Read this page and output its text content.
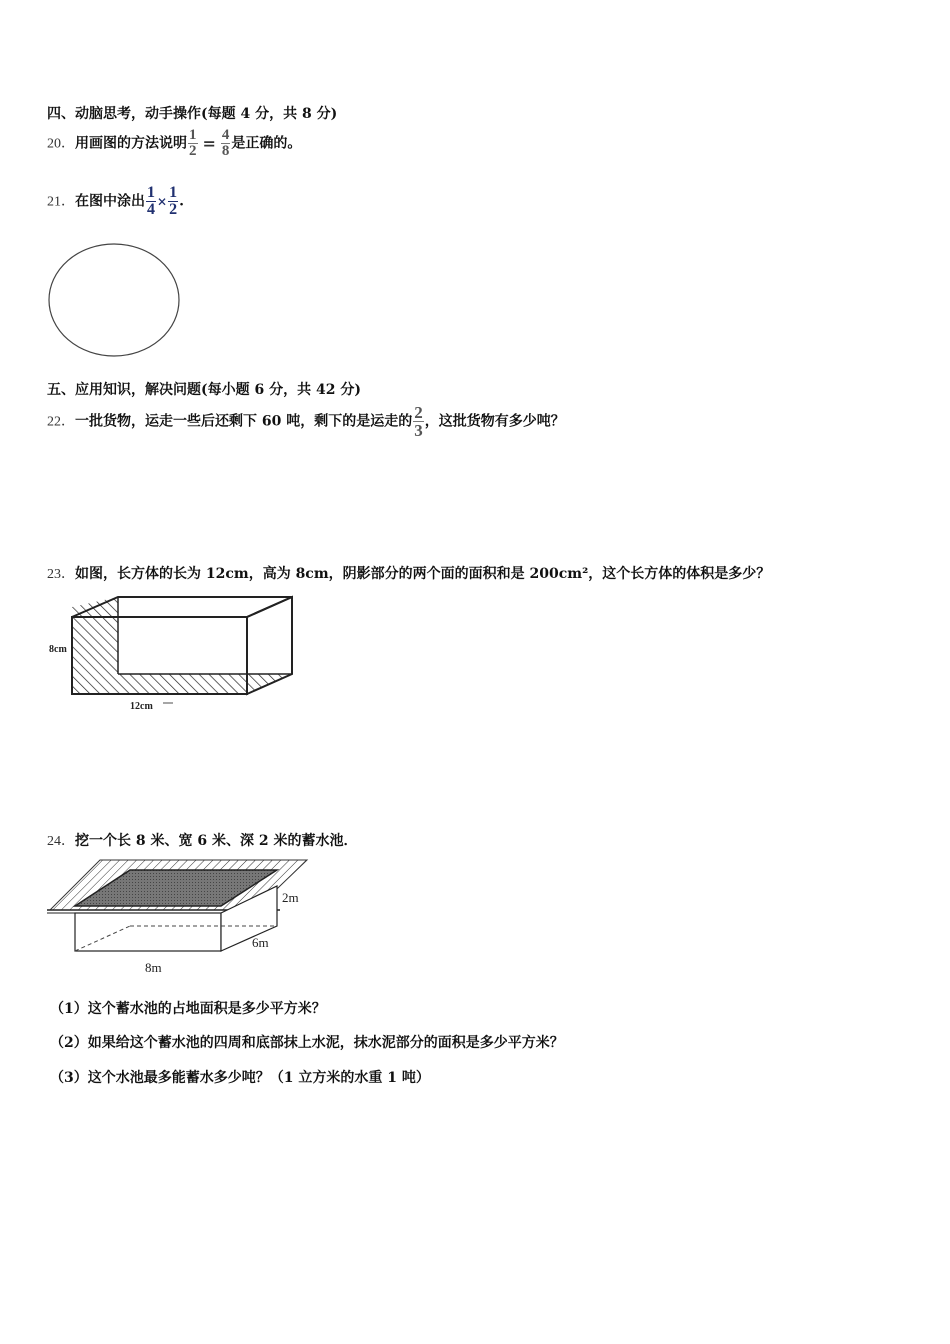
四、动脑思考，动手操作(每题 4 分，共 8 分)
20．用画图的方法说明 $\frac{1}{2} = \frac{4}{8}$ 是正确的。
21．在图中涂出 $\frac{1}{4} \times \frac{1}{2}$ .
五、应用知识，解决问题(每小题 6 分，共 42 分)
22．一批货物，运走一些后还剩下 60 吨，剩下的是运走的 $\frac{2}{3}$ ，这批货物有多少吨？
23．如图，长方体的长为 12cm，高为 8cm，阴影部分的两个面的面积和是 200cm²，这个长方体的体积是多少？
8cm
12cm
24．挖一个长 8 米、宽 6 米、深 2 米的蓄水池．
2m
6m
8m
（1）这个蓄水池的占地面积是多少平方米？
（2）如果给这个蓄水池的四周和底部抹上水泥，抹水泥部分的面积是多少平方米？
（3）这个水池最多能蓄水多少吨？（1 立方米的水重 1 吨）
